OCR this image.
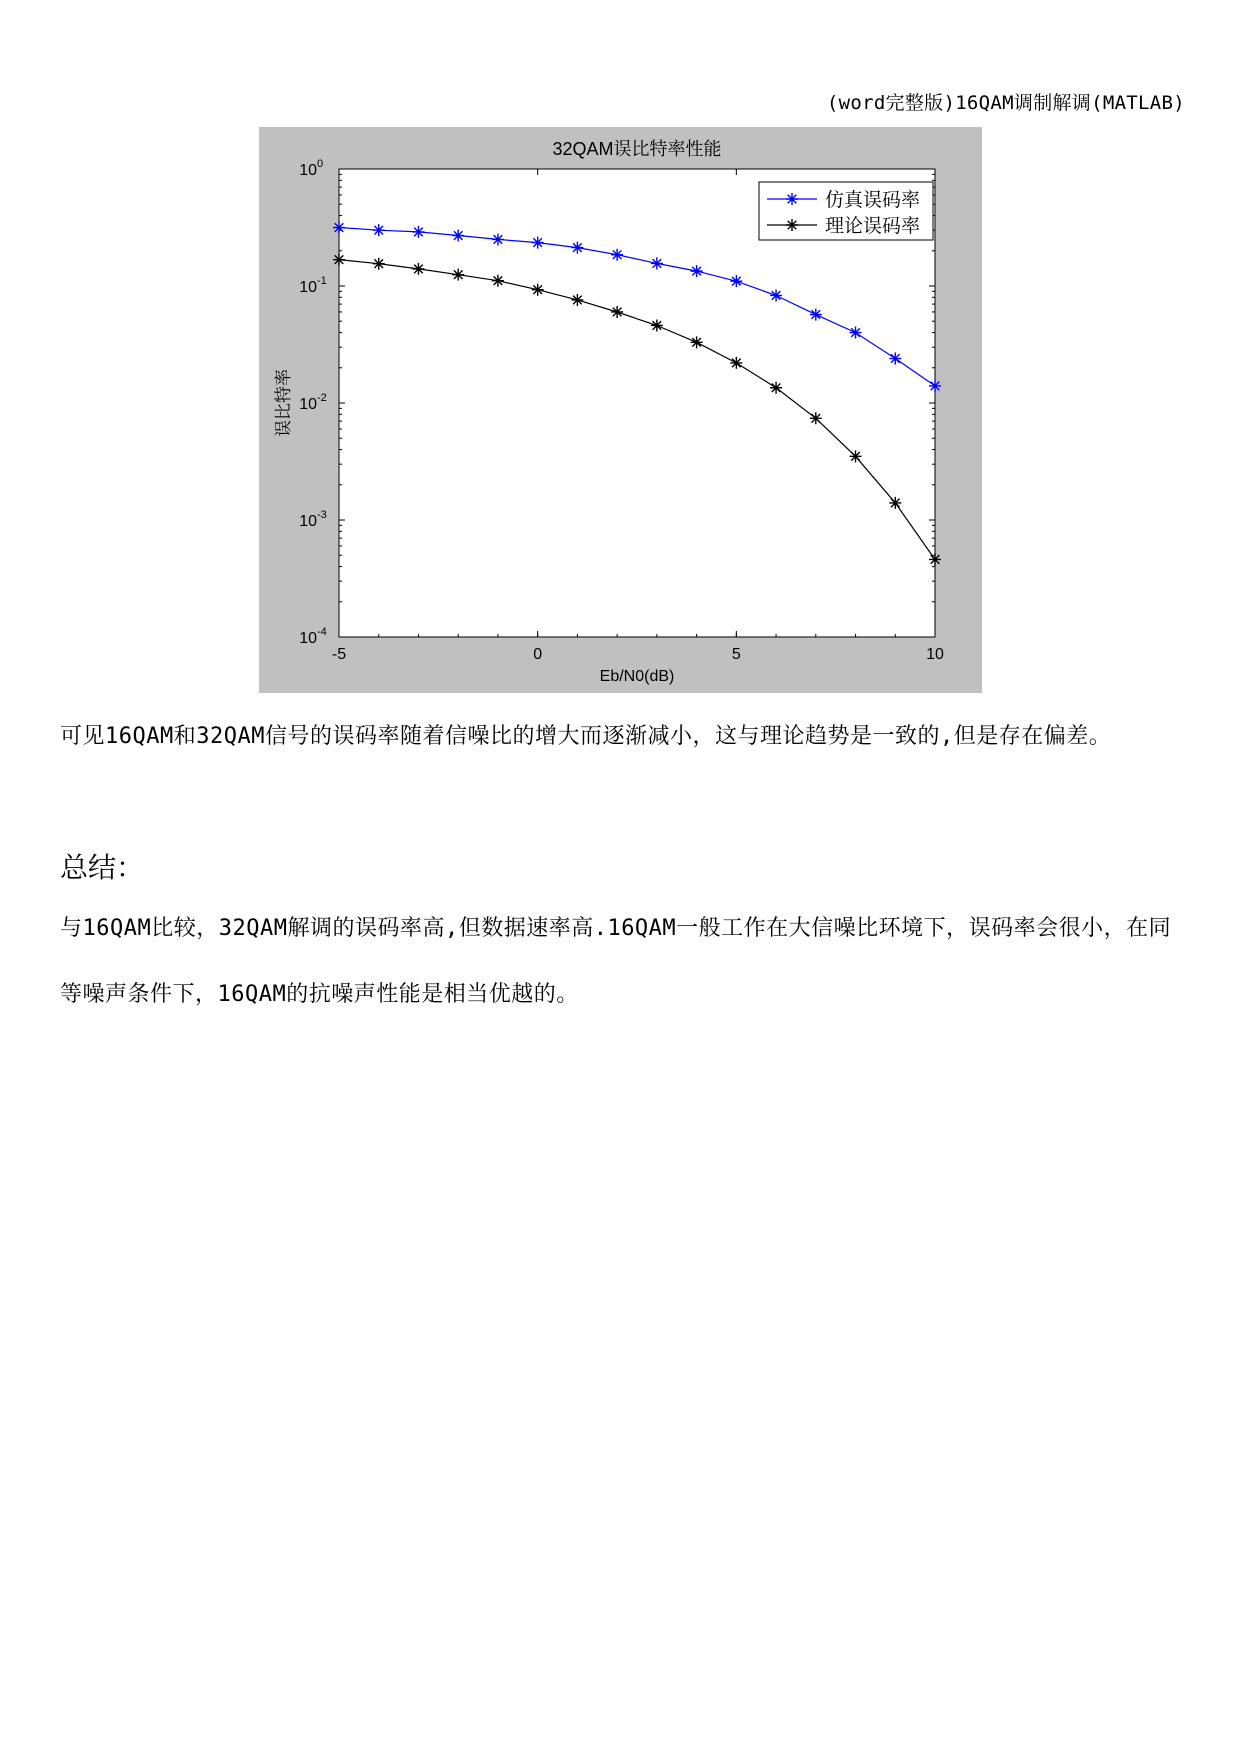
(word完整版)16QAM调制解调(MATLAB)
-5	0	5	10
10 0
10 -1
10 -2
10 -3
10 -4
32QAM误比特率性能
Eb/N0(dB)
误比特率
仿真误码率
理论误码率
可见16QAM和32QAM信号的误码率随着信噪比的增大而逐渐减小，这与理论趋势是一致的,但是存在偏差。
总结：
与16QAM比较，32QAM解调的误码率高,但数据速率高.16QAM一般工作在大信噪比环境下，误码率会很小，在同等噪声条件下，16QAM的抗噪声性能是相当优越的。
